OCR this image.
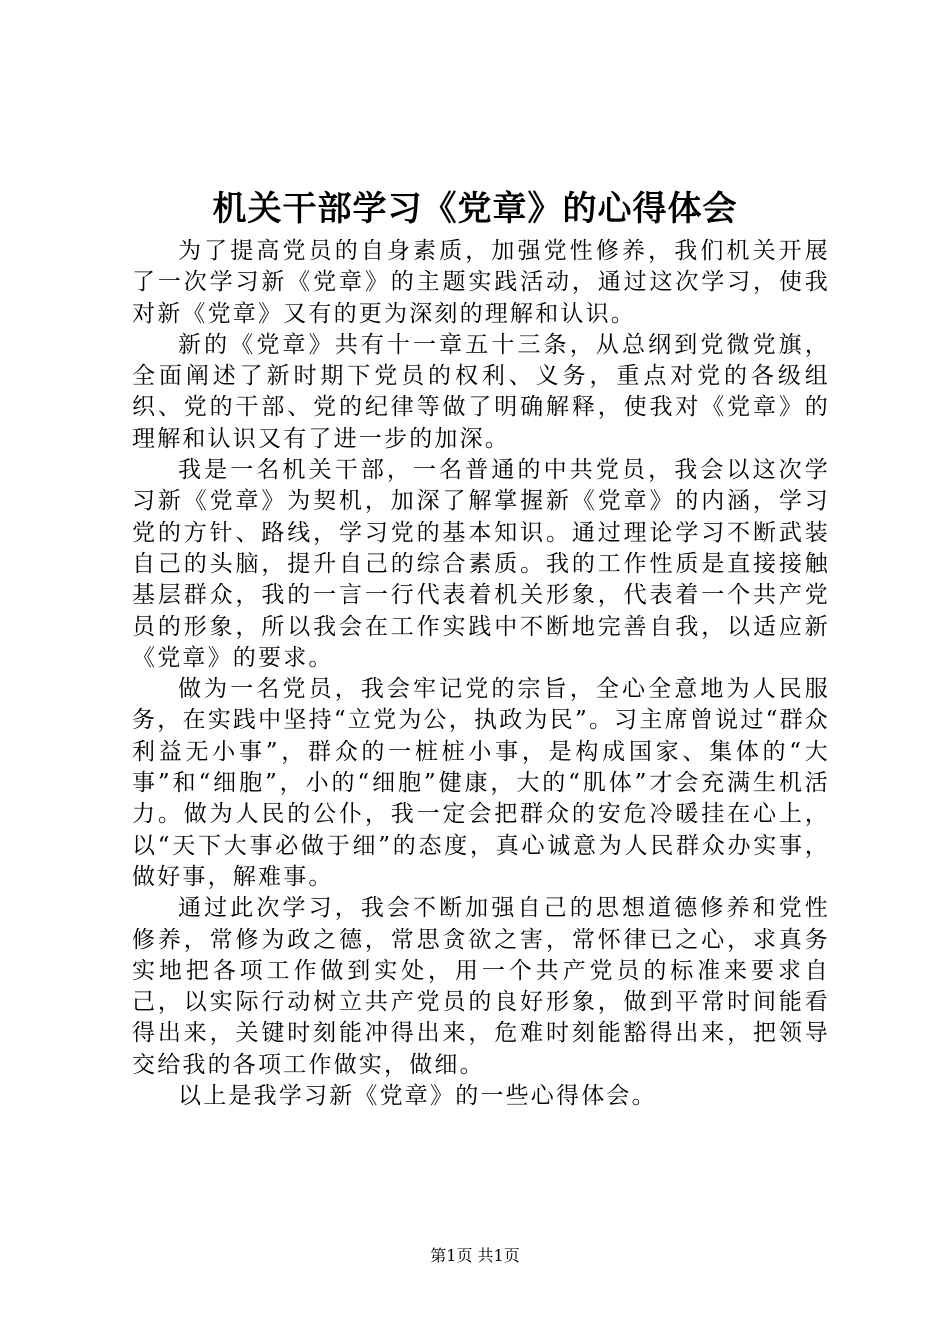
机关干部学习《党章》的心得体会

为了提高党员的自身素质，加强党性修养，我们机关开展了一次学习新《党章》的主题实践活动，通过这次学习，使我对新《党章》又有的更为深刻的理解和认识。

新的《党章》共有十一章五十三条，从总纲到党微党旗，全面阐述了新时期下党员的权利、义务，重点对党的各级组织、党的干部、党的纪律等做了明确解释，使我对《党章》的理解和认识又有了进一步的加深。

我是一名机关干部，一名普通的中共党员，我会以这次学习新《党章》为契机，加深了解掌握新《党章》的内涵，学习党的方针、路线，学习党的基本知识。通过理论学习不断武装自己的头脑，提升自己的综合素质。我的工作性质是直接接触基层群众，我的一言一行代表着机关形象，代表着一个共产党员的形象，所以我会在工作实践中不断地完善自我，以适应新《党章》的要求。

做为一名党员，我会牢记党的宗旨，全心全意地为人民服务，在实践中坚持“立党为公，执政为民”。习主席曾说过“群众利益无小事”，群众的一桩桩小事，是构成国家、集体的“大事”和“细胞”，小的“细胞”健康，大的“肌体”才会充满生机活力。做为人民的公仆，我一定会把群众的安危冷暖挂在心上，以“天下大事必做于细”的态度，真心诚意为人民群众办实事，做好事，解难事。

通过此次学习，我会不断加强自己的思想道德修养和党性修养，常修为政之德，常思贪欲之害，常怀律已之心，求真务实地把各项工作做到实处，用一个共产党员的标准来要求自己，以实际行动树立共产党员的良好形象，做到平常时间能看得出来，关键时刻能冲得出来，危难时刻能豁得出来，把领导交给我的各项工作做实，做细。

以上是我学习新《党章》的一些心得体会。

第1页 共1页
